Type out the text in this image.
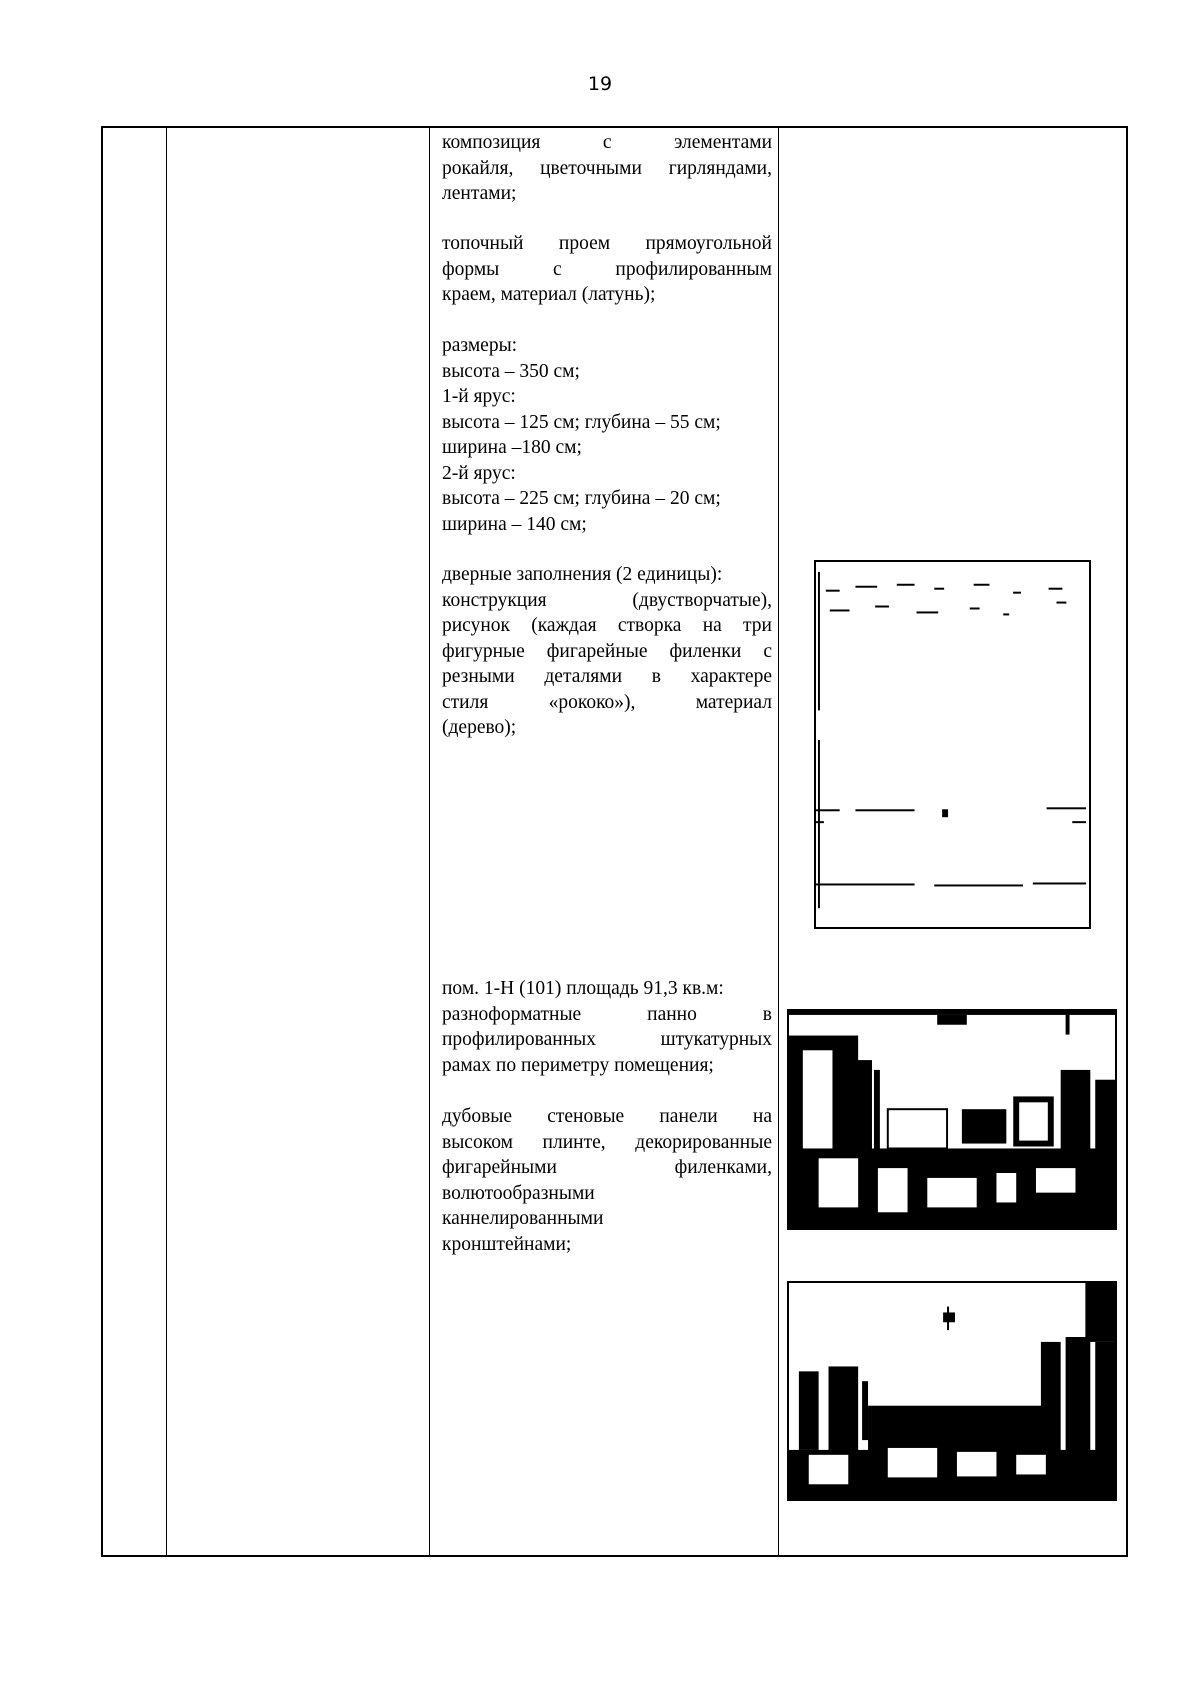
19

композиция с элементами

рокайля, цветочными гирляндами,

лентами;

топочный проем прямоугольной

формы с профилированным

краем, материал (латунь);

размеры:

высота – 350 см;

1-й ярус:

высота – 125 см; глубина – 55 см;

ширина –180 см;

2-й ярус:

высота – 225 см; глубина – 20 см;

ширина – 140 см;

дверные заполнения (2 единицы):

конструкция (двустворчатые),

рисунок (каждая створка на три

фигурные фигарейные филенки с

резными деталями в характере

стиля «рококо»), материал

(дерево);

пом. 1-Н (101) площадь 91,3 кв.м:

разноформатные панно в

профилированных штукатурных

рамах по периметру помещения;

дубовые стеновые панели на

высоком плинте, декорированные

фигарейными филенками,

волютообразными

каннелированными

кронштейнами;
